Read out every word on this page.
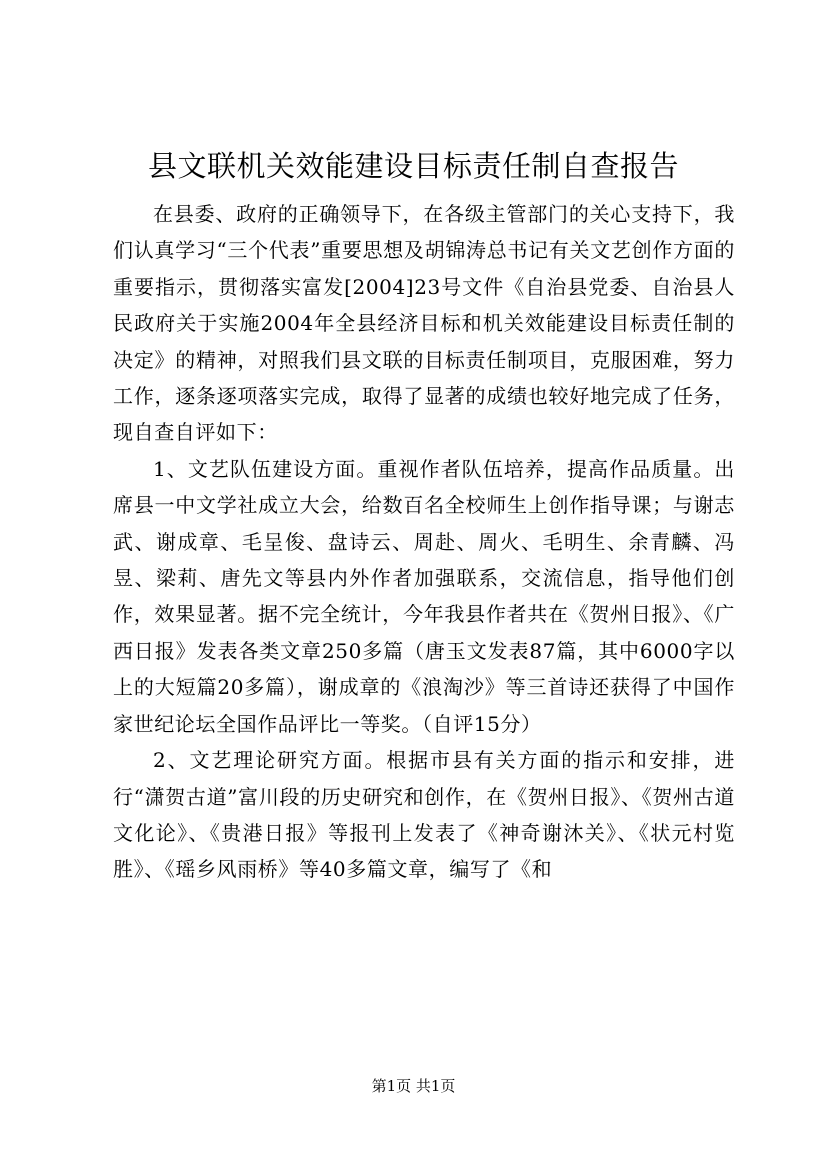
县文联机关效能建设目标责任制自查报告

在县委、政府的正确领导下，在各级主管部门的关心支持下，我们认真学习“三个代表”重要思想及胡锦涛总书记有关文艺创作方面的重要指示，贯彻落实富发[2004]23号文件《自治县党委、自治县人民政府关于实施2004年全县经济目标和机关效能建设目标责任制的决定》的精神，对照我们县文联的目标责任制项目，克服困难，努力工作，逐条逐项落实完成，取得了显著的成绩也较好地完成了任务，现自查自评如下：

1、文艺队伍建设方面。重视作者队伍培养，提高作品质量。出席县一中文学社成立大会，给数百名全校师生上创作指导课；与谢志武、谢成章、毛呈俊、盘诗云、周赴、周火、毛明生、余青麟、冯昱、梁莉、唐先文等县内外作者加强联系，交流信息，指导他们创作，效果显著。据不完全统计，今年我县作者共在《贺州日报》、《广西日报》发表各类文章250多篇（唐玉文发表87篇，其中6000字以上的大短篇20多篇），谢成章的《浪淘沙》等三首诗还获得了中国作家世纪论坛全国作品评比一等奖。（自评15分）

2、文艺理论研究方面。根据市县有关方面的指示和安排，进行“潇贺古道”富川段的历史研究和创作，在《贺州日报》、《贺州古道文化论》、《贵港日报》等报刊上发表了《神奇谢沐关》、《状元村览胜》、《瑶乡风雨桥》等40多篇文章，编写了《和

第1页 共1页
